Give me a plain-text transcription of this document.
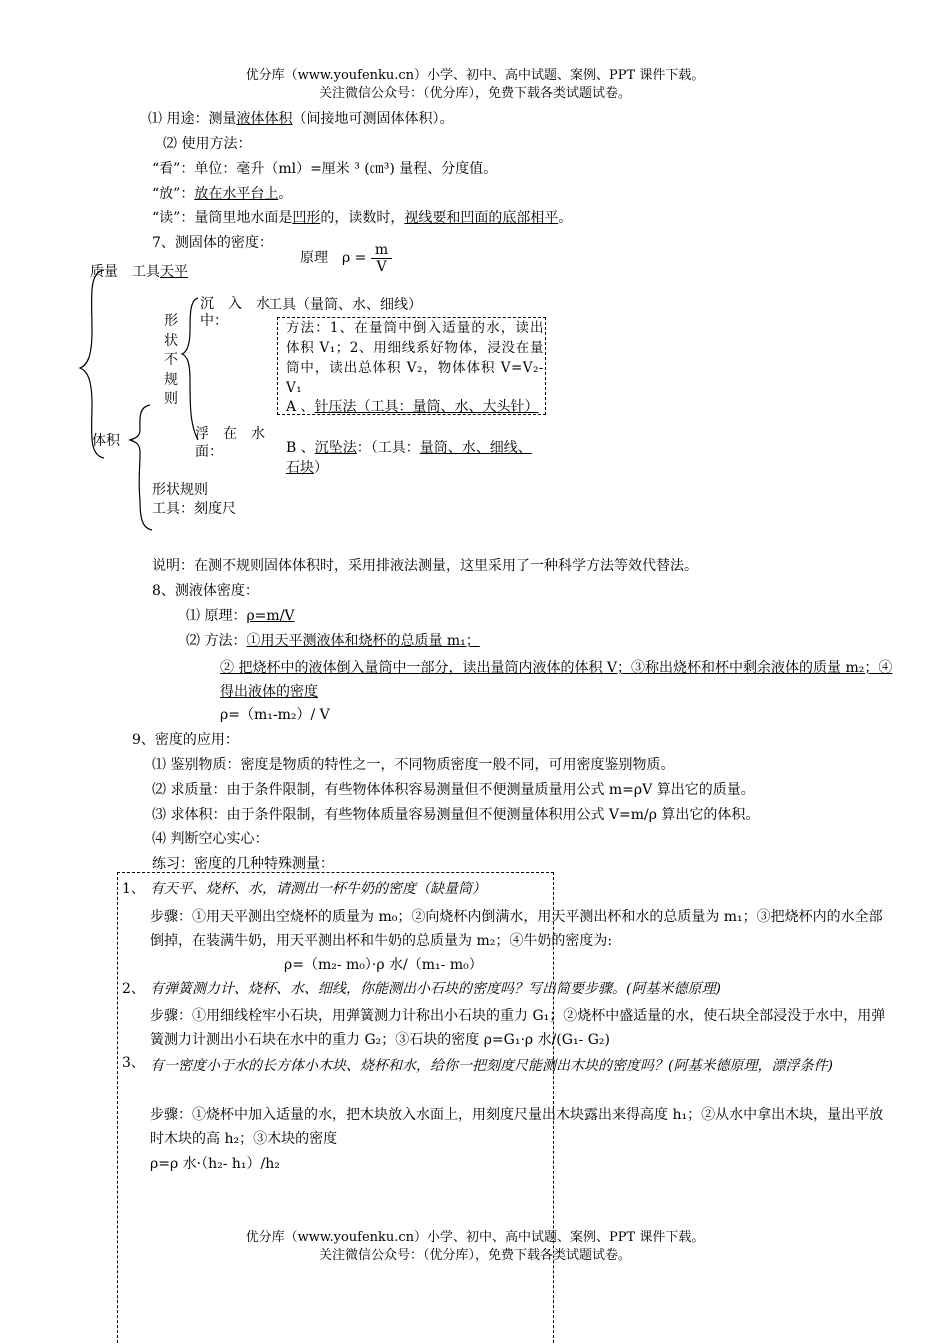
优分库（www.youfenku.cn）小学、初中、高中试题、案例、PPT 课件下载。
关注微信公众号：（优分库），免费下载各类试题试卷。
⑴ 用途：测量液体体积（间接地可测固体体积）。
⑵ 使用方法：
“看”：单位：毫升（ml）=厘米 ³ (㎝³) 量程、分度值。
“放”：放在水平台上。
“读”：量筒里地水面是凹形的，读数时，视线要和凹面的底部相平。
7、测固体的密度：
原理　$\rho = \frac{m}{V}$
质量　工具天平
体积
形
状
不
规
则
沉　入　水中：
工具（量筒、水、细线）
方法：1、在量筒中倒入适量的水，读出体积 V₁；2、用细线系好物体，浸没在量筒中，读出总体积 V₂，物体体积 V=V₂-V₁
浮　在　水面：
A 、针压法（工具：量筒、水、大头针）
B 、沉坠法：（工具：量筒、水、细线、石块）
形状规则
工具：刻度尺
说明：在测不规则固体体积时，采用排液法测量，这里采用了一种科学方法等效代替法。
8、测液体密度：
⑴ 原理：ρ=m/V
⑵ 方法：①用天平测液体和烧杯的总质量 m₁；
② 把烧杯中的液体倒入量筒中一部分，读出量筒内液体的体积 V；③称出烧杯和杯中剩余液体的质量 m₂；④得出液体的密度
ρ=（m₁-m₂）/ V
9、密度的应用：
⑴ 鉴别物质：密度是物质的特性之一，不同物质密度一般不同，可用密度鉴别物质。
⑵ 求质量：由于条件限制，有些物体体积容易测量但不便测量质量用公式 m=ρV 算出它的质量。
⑶ 求体积：由于条件限制，有些物体质量容易测量但不便测量体积用公式 V=m/ρ 算出它的体积。
⑷ 判断空心实心：
练习：密度的几种特殊测量：
1、 有天平、烧杯、水，请测出一杯牛奶的密度（缺量筒）
步骤：①用天平测出空烧杯的质量为 m₀；②向烧杯内倒满水，用天平测出杯和水的总质量为 m₁；③把烧杯内的水全部倒掉，在装满牛奶，用天平测出杯和牛奶的总质量为 m₂；④牛奶的密度为:
ρ=（m₂- m₀）·ρ 水/（m₁- m₀）
2、 有弹簧测力计、烧杯、水、细线，你能测出小石块的密度吗？写出简要步骤。(阿基米德原理)
步骤：①用细线栓牢小石块，用弹簧测力计称出小石块的重力 G₁；②烧杯中盛适量的水，使石块全部浸没于水中，用弹簧测力计测出小石块在水中的重力 G₂；③石块的密度 ρ=G₁·ρ 水/(G₁- G₂)
3、 有一密度小于水的长方体小木块、烧杯和水，给你一把刻度尺能测出木块的密度吗？(阿基米德原理，漂浮条件)
步骤：①烧杯中加入适量的水，把木块放入水面上，用刻度尺量出木块露出来得高度 h₁；②从水中拿出木块，量出平放时木块的高 h₂；③木块的密度
ρ=ρ 水·（h₂- h₁）/h₂
优分库（www.youfenku.cn）小学、初中、高中试题、案例、PPT 课件下载。
关注微信公众号：（优分库），免费下载各类试题试卷。
